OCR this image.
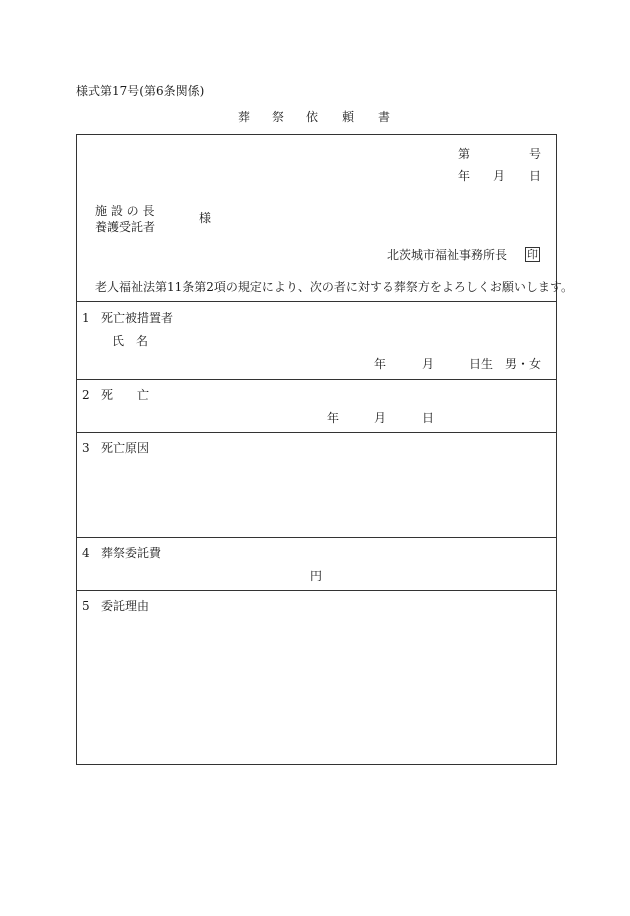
様式第17号(第6条関係)
葬 祭 依 頼 書
第	号
年 月 日
施 設 の 長
養護受託者
様
北茨城市福祉事務所長 印
老人福祉法第11条第2項の規定により、次の者に対する葬祭方をよろしくお願いします。
1 死亡被措置者
氏　名
年	月	日生 男・女
2 死　　亡
年	月	日
3 死亡原因
4 葬祭委託費
円
5 委託理由
